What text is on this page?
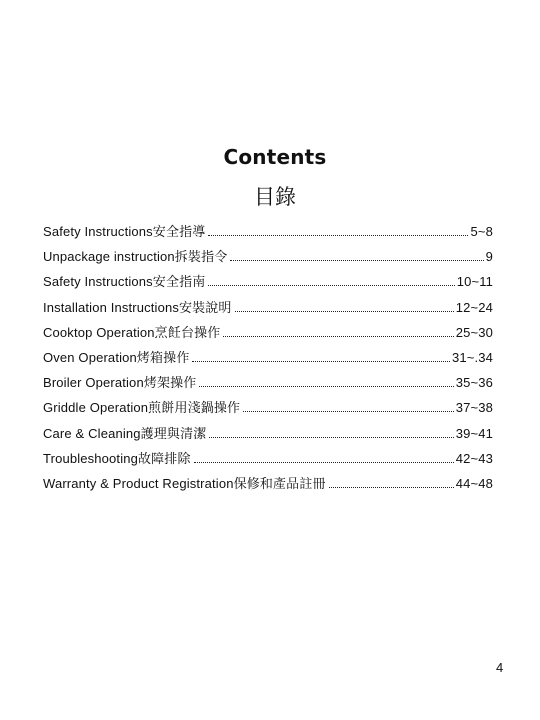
Contents
目錄
Safety Instructions安全指導	5~8
Unpackage instruction拆裝指令	9
Safety Instructions安全指南	10~11
Installation Instructions安裝說明	12~24
Cooktop Operation烹飪台操作	25~30
Oven Operation烤箱操作	31~.34
Broiler Operation烤架操作	35~36
Griddle Operation煎餅用淺鍋操作	37~38
Care & Cleaning護理與清潔	39~41
Troubleshooting故障排除	42~43
Warranty & Product Registration保修和產品註冊	44~48
4
